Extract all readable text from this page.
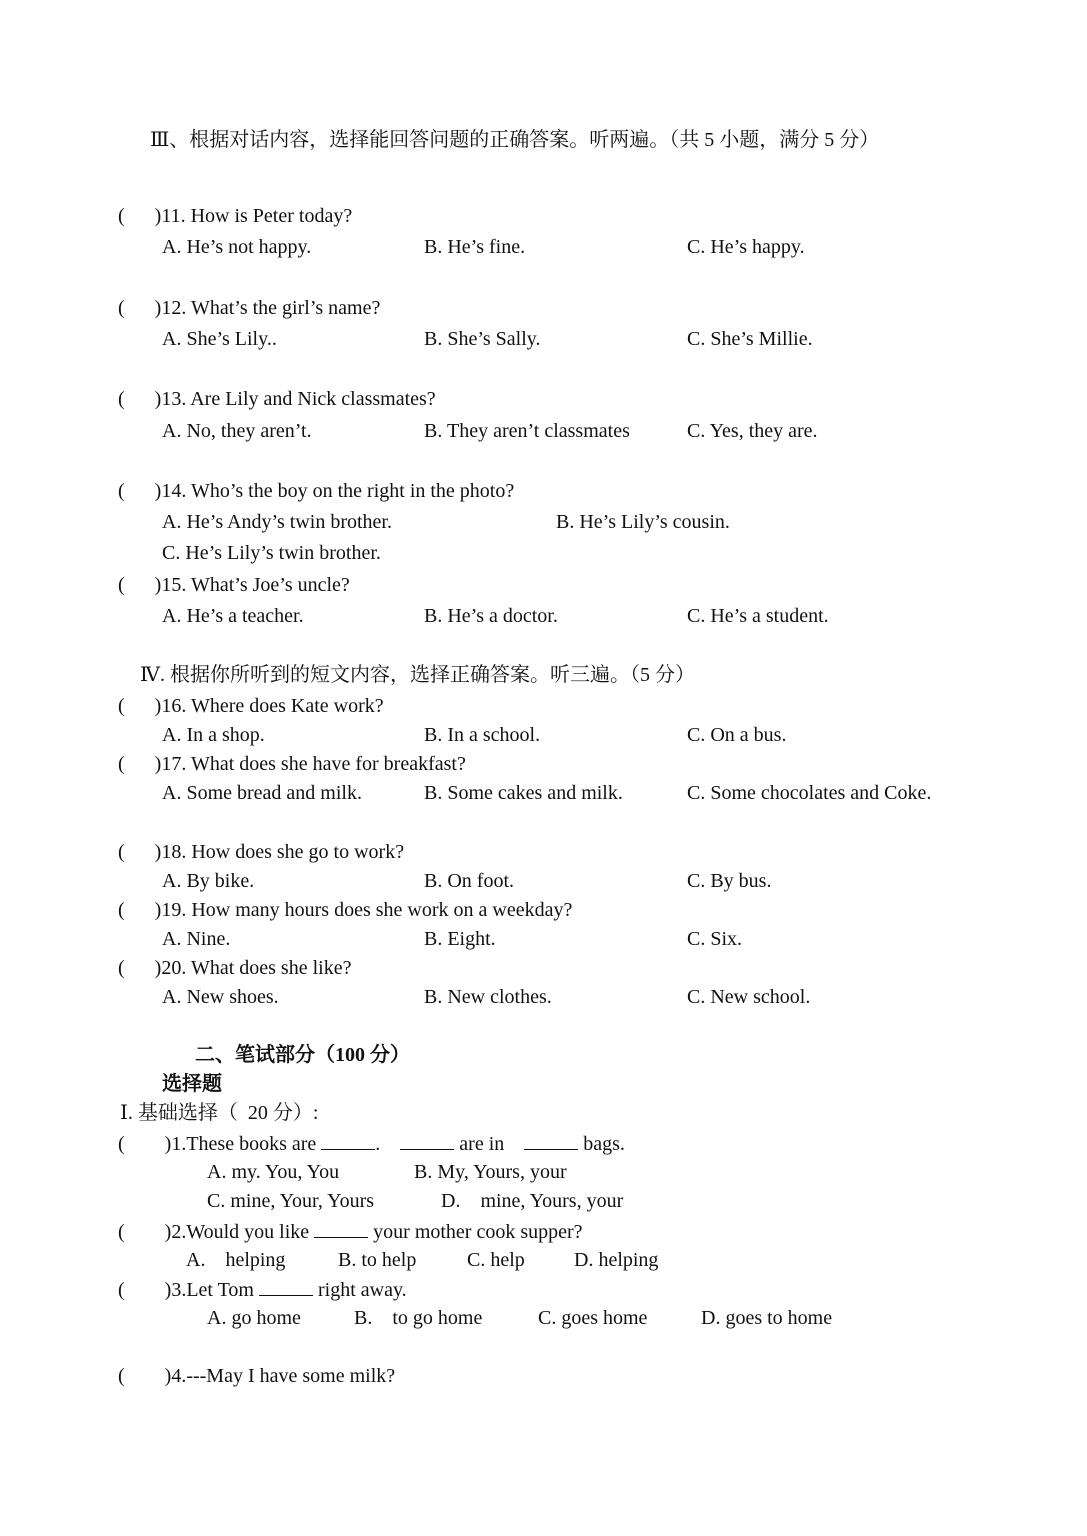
Ⅲ、根据对话内容，选择能回答问题的正确答案。听两遍。（共 5 小题，满分 5 分）
(      )11. How is Peter today?
A. He’s not happy.	B. He’s fine.	C. He’s happy.
(      )12. What’s the girl’s name?
A. She’s Lily..	B. She’s Sally.	C. She’s Millie.
(      )13. Are Lily and Nick classmates?
A. No, they aren’t.	B. They aren’t classmates	C. Yes, they are.
(      )14. Who’s the boy on the right in the photo?
A. He’s Andy’s twin brother.	B. He’s Lily’s cousin.
C. He’s Lily’s twin brother.
(      )15. What’s Joe’s uncle?
A. He’s a teacher.	B. He’s a doctor.	C. He’s a student.
Ⅳ. 根据你所听到的短文内容，选择正确答案。听三遍。（5 分）
(      )16. Where does Kate work?
A. In a shop.	B. In a school.	C. On a bus.
(      )17. What does she have for breakfast?
A. Some bread and milk.	B. Some cakes and milk.	C. Some chocolates and Coke.
(      )18. How does she go to work?
A. By bike.	B. On foot.	C. By bus.
(      )19. How many hours does she work on a weekday?
A. Nine.	B. Eight.	C. Six.
(      )20. What does she like?
A. New shoes.	B. New clothes.	C. New school.
二、笔试部分（100 分）
选择题
Ⅰ. 基础选择（  20 分）:
(        )1.These books are	.	are in	bags.
A. my. You, You	B. My, Yours, your
C. mine, Your, Yours	D.    mine, Yours, your
(        )2.Would you like	your mother cook supper?
A.    helping	B. to help	C. help D. helping
(        )3.Let Tom	right away.
A. go home	B.    to go home	C. goes home	D. goes to home
(        )4.---May I have some milk?
